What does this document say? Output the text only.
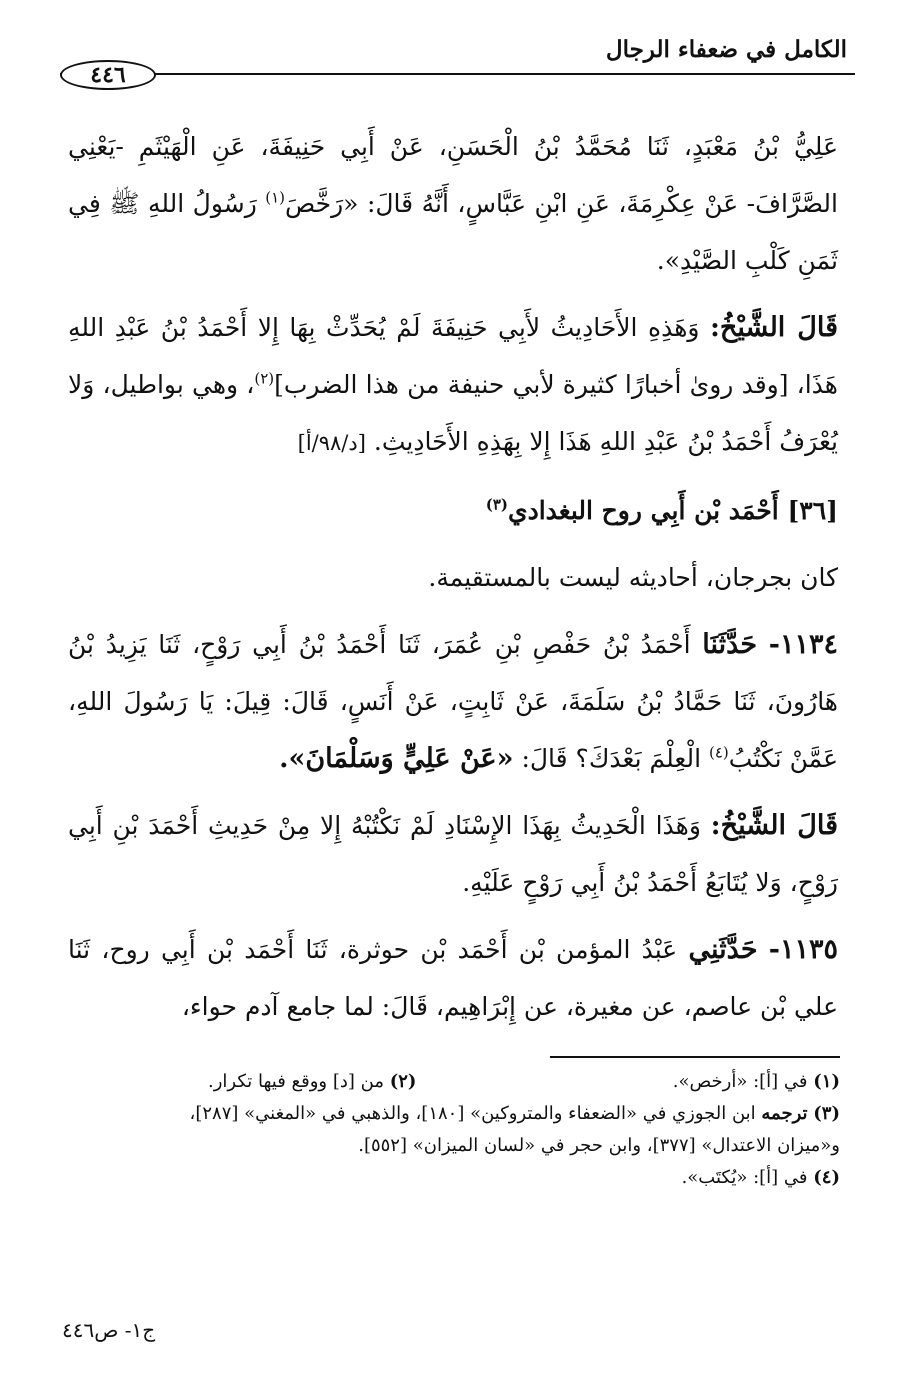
الكامل في ضعفاء الرجال
٤٤٦

عَلِيُّ بْنُ مَعْبَدٍ، ثَنَا مُحَمَّدُ بْنُ الْحَسَنِ، عَنْ أَبِي حَنِيفَةَ، عَنِ الْهَيْثَمِ -يَعْنِي الصَّرَّافَ- عَنْ عِكْرِمَةَ، عَنِ ابْنِ عَبَّاسٍ، أَنَّهُ قَالَ: «رَخَّصَ$^{(١)}$ رَسُولُ اللهِ ﷺ فِي ثَمَنِ كَلْبِ الصَّيْدِ».

قَالَ الشَّيْخُ: وَهَذِهِ الأَحَادِيثُ لأَبِي حَنِيفَةَ لَمْ يُحَدِّثْ بِهَا إِلا أَحْمَدُ بْنُ عَبْدِ اللهِ هَذَا، [وقد روىٰ أخبارًا كثيرة لأبي حنيفة من هذا الضرب]$^{(٢)}$، وهي بواطيل، وَلا يُعْرَفُ أَحْمَدُ بْنُ عَبْدِ اللهِ هَذَا إِلا بِهَذِهِ الأَحَادِيثِ. [د/٩٨/أ]

[٣٦] أَحْمَد بْن أَبِي روح البغدادي$^{(٣)}$

كان بجرجان، أحاديثه ليست بالمستقيمة.

١١٣٤- حَدَّثَنَا أَحْمَدُ بْنُ حَفْصِ بْنِ عُمَرَ، ثَنَا أَحْمَدُ بْنُ أَبِي رَوْحٍ، ثَنَا يَزِيدُ بْنُ هَارُونَ، ثَنَا حَمَّادُ بْنُ سَلَمَةَ، عَنْ ثَابِتٍ، عَنْ أَنَسٍ، قَالَ: قِيلَ: يَا رَسُولَ اللهِ، عَمَّنْ نَكْتُبُ$^{(٤)}$ الْعِلْمَ بَعْدَكَ؟ قَالَ: «عَنْ عَلِيٍّ وَسَلْمَانَ».

قَالَ الشَّيْخُ: وَهَذَا الْحَدِيثُ بِهَذَا الإِسْنَادِ لَمْ نَكْتُبْهُ إِلا مِنْ حَدِيثِ أَحْمَدَ بْنِ أَبِي رَوْحٍ، وَلا يُتَابَعُ أَحْمَدُ بْنُ أَبِي رَوْحٍ عَلَيْهِ.

١١٣٥- حَدَّثَنِي عَبْدُ المؤمن بْن أَحْمَد بْن حوثرة، ثَنَا أَحْمَد بْن أَبِي روح، ثَنَا علي بْن عاصم، عن مغيرة، عن إِبْرَاهِيم، قَالَ: لما جامع آدم حواء،

(١) في [أ]: «أرخص».
(٢) من [د] ووقع فيها تكرار.

(٣) ترجمه ابن الجوزي في «الضعفاء والمتروكين» [١٨٠]، والذهبي في «المغني» [٢٨٧]،

و«ميزان الاعتدال» [٣٧٧]، وابن حجر في «لسان الميزان» [٥٥٢].

(٤) في [أ]: «يُكتَب».

ج١- ص٤٤٦
